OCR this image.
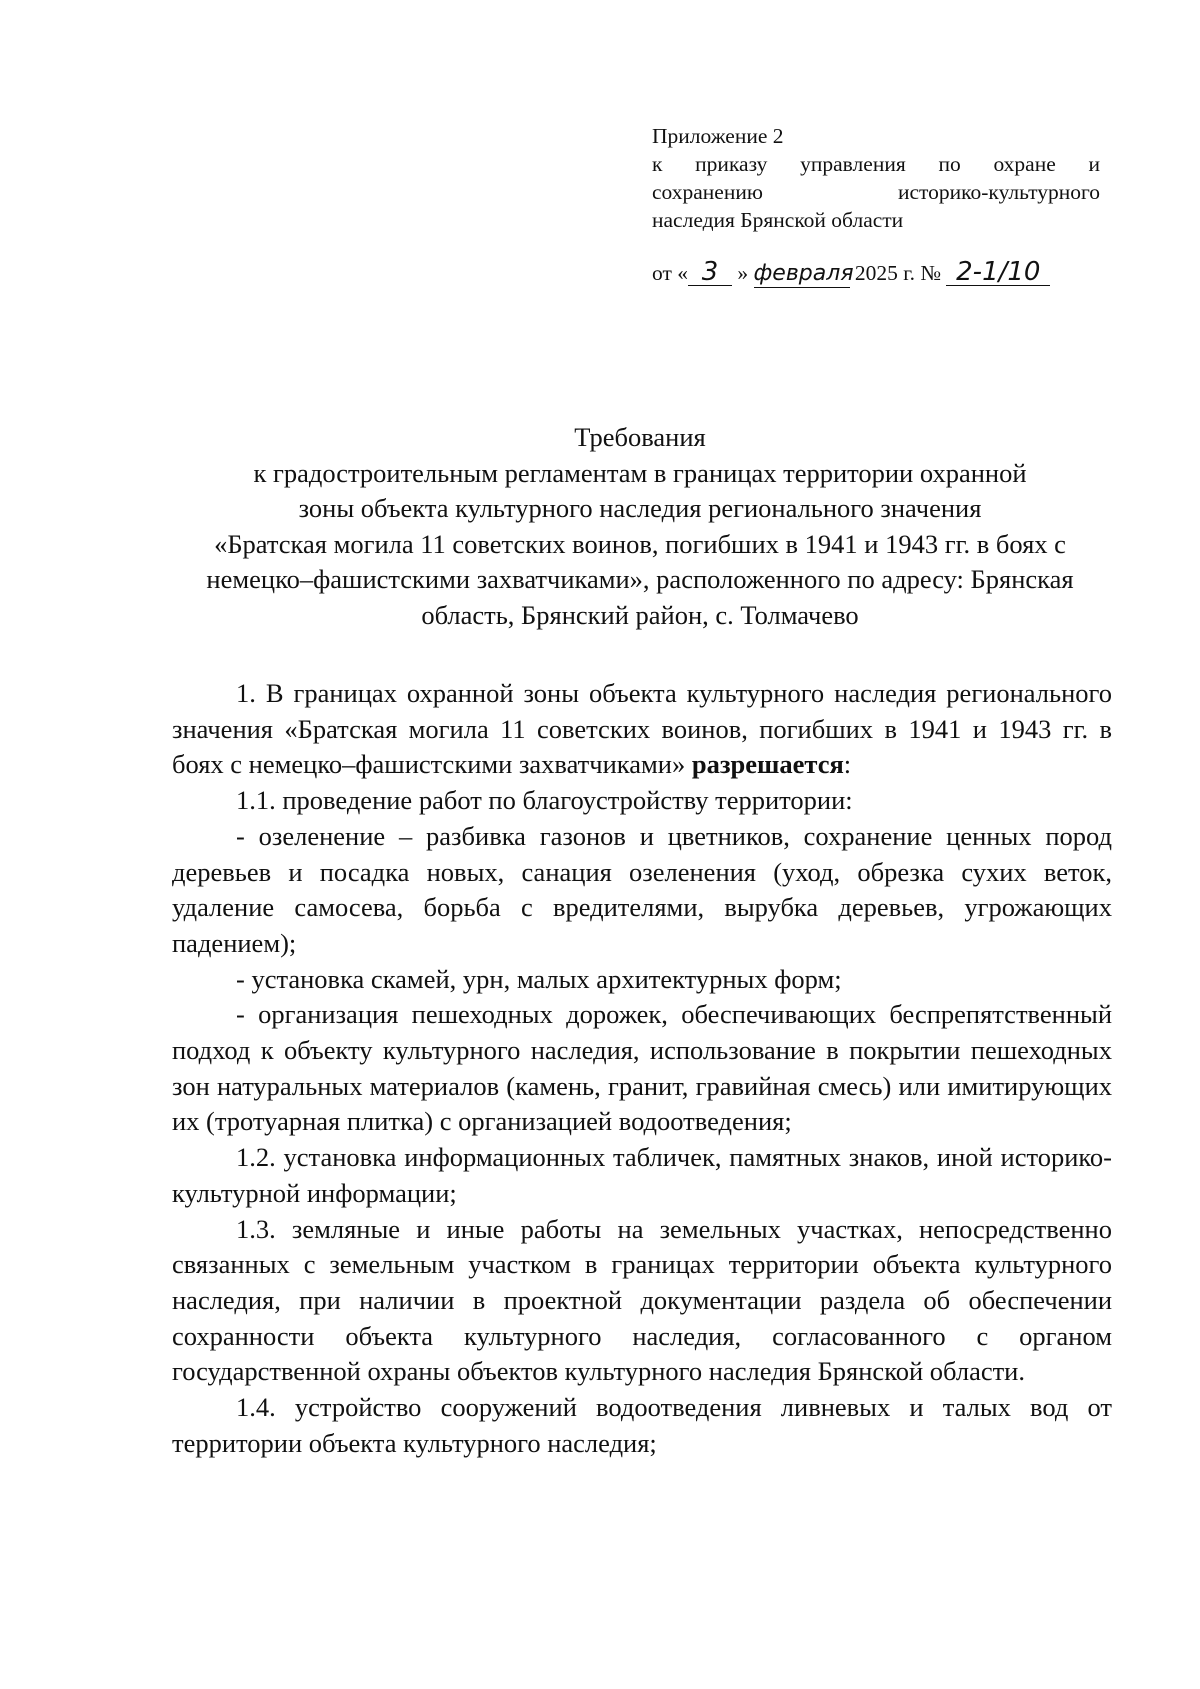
Приложение 2
к приказу управления по охране и
сохранению историко-культурного
наследия Брянской области
от « 3 » февраля 2025 г. № 2-1/10
Требования
к градостроительным регламентам в границах территории охранной
зоны объекта культурного наследия регионального значения
«Братская могила 11 советских воинов, погибших в 1941 и 1943 гг. в боях с
немецко–фашистскими захватчиками», расположенного по адресу: Брянская
область, Брянский район, с. Толмачево

1. В границах охранной зоны объекта культурного наследия регионального значения «Братская могила 11 советских воинов, погибших в 1941 и 1943 гг. в боях с немецко–фашистскими захватчиками» разрешается:

1.1. проведение работ по благоустройству территории:

- озеленение – разбивка газонов и цветников, сохранение ценных пород деревьев и посадка новых, санация озеленения (уход, обрезка сухих веток, удаление самосева, борьба с вредителями, вырубка деревьев, угрожающих падением);

- установка скамей, урн, малых архитектурных форм;

- организация пешеходных дорожек, обеспечивающих беспрепятственный подход к объекту культурного наследия, использование в покрытии пешеходных зон натуральных материалов (камень, гранит, гравийная смесь) или имитирующих их (тротуарная плитка) с организацией водоотведения;

1.2. установка информационных табличек, памятных знаков, иной историко-культурной информации;

1.3. земляные и иные работы на земельных участках, непосредственно связанных с земельным участком в границах территории объекта культурного наследия, при наличии в проектной документации раздела об обеспечении сохранности объекта культурного наследия, согласованного с органом государственной охраны объектов культурного наследия Брянской области.

1.4. устройство сооружений водоотведения ливневых и талых вод от территории объекта культурного наследия;
